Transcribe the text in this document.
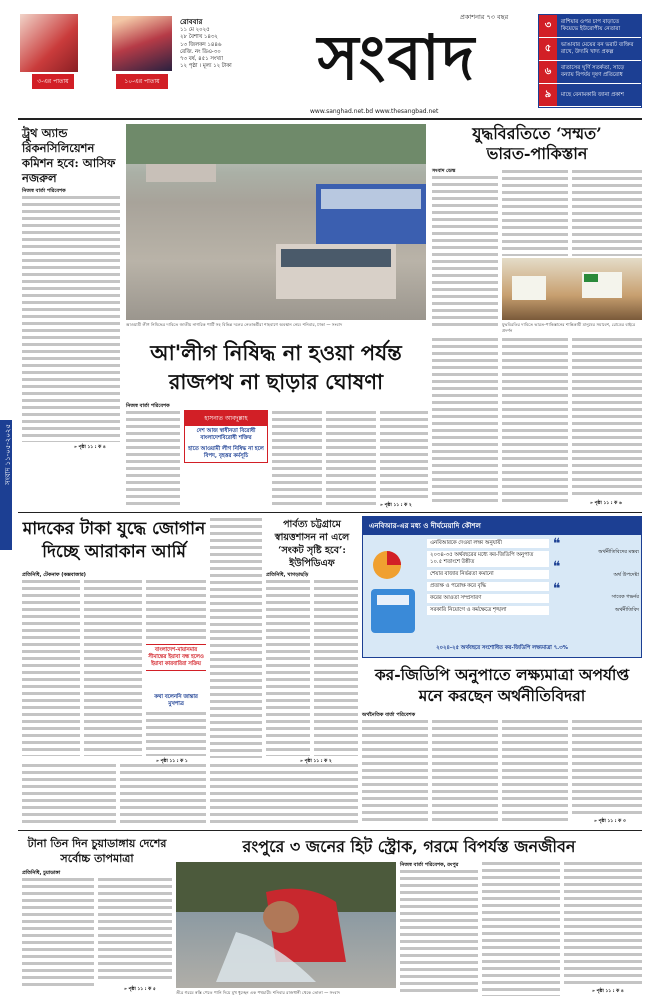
৩-এর পাতায়	১০-এর পাতায়
রোববার
১১ মে ২০২৫
২৮ বৈশাখ ১৪৩২
১৩ জিলকদ ১৪৪৬
রেজি. নং ডিএ-৩০
৭৩ বর্ষ, ৪৫১ সংখ্যা
১২ পৃষ্ঠা । মূল্য ১২ টাকা
প্রকাশনার ৭৩ বছর
সংবাদ
www.sanghad.net.bd www.thesangbad.net
৩	রাশিয়ার ওপর চাপ বাড়াতে কিয়েভে ইউরোপীয় নেতারা
৫	ভাঙাবার মেয়ের বন ভরাট ব্যক্তির রাখে, উদ্যমি খাদ্য প্রকল্প
৬	বাতাসের ঘূর্ণি সতর্কতা, সাড়ে বন্যায় বিপর্যয় দূষণ প্রতিরোধ
৯	মাছে বেনামকারি জানা প্রকাশ
সংবাদ ১১-০৫-২০২৫
ট্রুথ অ্যান্ড রিকনসিলিয়েশন কমিশন হবে: আসিফ নজরুল
নিজস্ব বার্তা পরিবেশক
» পৃষ্ঠা ১১ : ক ৪
আওয়ামী লীগ নিষিদ্ধের দাবিতে জাতীয় নাগরিক পার্টি সহ বিভিন্ন দলের নেতাকর্মীরা শাহবাগে অবস্থান নেয়। শনিবার, ঢাকা — সংবাদ
যুদ্ধবিরতিতে ‘সম্মত’
ভারত-পাকিস্তান
সংবাদ ডেস্ক
যুদ্ধবিরতির দাবিতে ভারত-পাকিস্তানের শান্তিকামী মানুষের সমাবেশ, রোডের বাইরে প্রদর্শন
আ'লীগ নিষিদ্ধ না হওয়া পর্যন্ত
রাজপথ না ছাড়ার ঘোষণা
নিজস্ব বার্তা পরিবেশক
হাসনাত আবদুল্লাহ
দেশ আজ স্বাধীনতা বিরোধী বাংলাদেশবিরোধী শক্তির
হাতে আওয়ামী লীগ নিষিদ্ধ না হলে বিপদ, বৃহত্তর কর্মসূচি
» পৃষ্ঠা ১১ : ক ২	» পৃষ্ঠা ১১ : ক ৬
মাদকের টাকা যুদ্ধে জোগান দিচ্ছে আরাকান আর্মি
প্রতিনিধি, টেকনাফ (কক্সবাজার)
বাংলাদেশ-মায়ানমার সীমান্তের ইয়াবা বন্ধ হলেও ইয়াবা কারবারিরা সক্রিয়
কথা বলেননি জান্তার মুখপাত্র
» পৃষ্ঠা ১১ : ক ১
পার্বত্য চট্টগ্রামে স্বায়ত্তশাসন না এলে ‘সংকট সৃষ্টি হবে’: ইউপিডিএফ
প্রতিনিধি, খাগড়াছড়ি
» পৃষ্ঠা ১১ : ক ২
এনবিআর-এর মধ্য ও দীর্ঘমেয়াদি কৌশল
এনবিআরকে দেওয়া লক্ষ্য অনুযায়ী
২০৩৪-৩৫ অর্থবছরের মধ্যে কর-জিডিপি অনুপাত ১০.৫ শতাংশে উন্নীত
শেয়ার বাজার নির্ভরতা কমানো
প্রত্যক্ষ ও পরোক্ষ করে বৃদ্ধি
করের আওতা সম্প্রসারণ
সরকারি নিয়োগে ও কর্মক্ষেত্রে শৃঙ্খলা
❝	অর্থনীতিবিদের মন্তব্য
❝	অর্থ উপদেষ্টা
❝	সাবেক গভর্নর
অর্থনীতিবিদ
২০২৪-২৫ অর্থবছরে সংশোধিত কর-জিডিপি লক্ষ্যমাত্রা ৭.৩%
কর-জিডিপি অনুপাতে লক্ষ্যমাত্রা অপর্যাপ্ত মনে করছেন অর্থনীতিবিদরা
অর্থনৈতিক বার্তা পরিবেশক
» পৃষ্ঠা ১১ : ক ৩
টানা তিন দিন চুয়াডাঙ্গায় দেশের সর্বোচ্চ তাপমাত্রা
প্রতিনিধি, চুয়াডাঙ্গা
» পৃষ্ঠা ১১ : ক ৫
রংপুরে ৩ জনের হিট স্ট্রোক, গরমে বিপর্যস্ত জনজীবন
তীব্র গরমে স্বস্তি পেতে পানি দিয়ে মুখ ধুচ্ছেন এক পথচারী। শনিবার রাজধানী থেকে তোলা — সংবাদ
নিজস্ব বার্তা পরিবেশক, রংপুর
» পৃষ্ঠা ১১ : ক ৪
